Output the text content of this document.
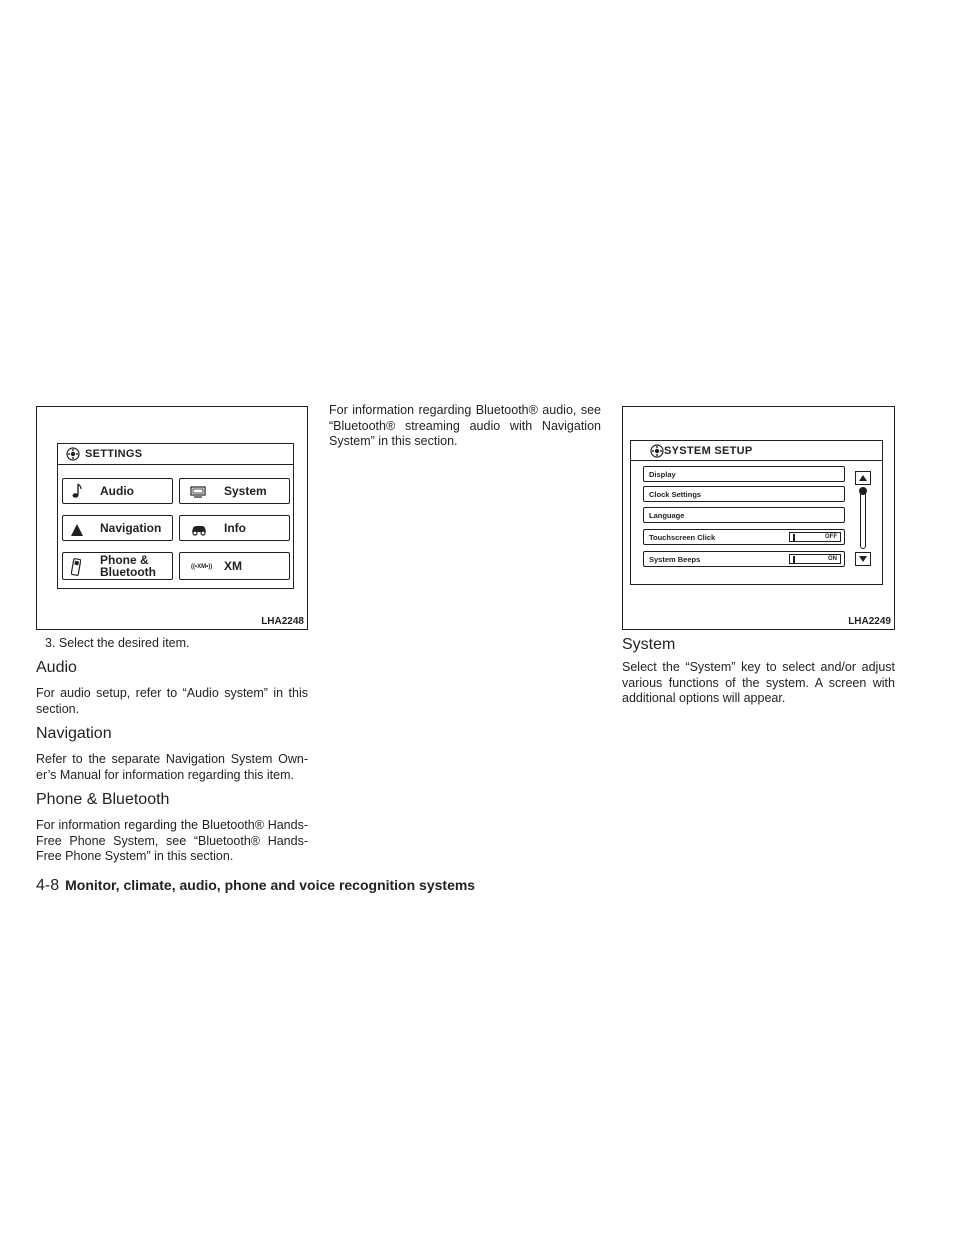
SETTINGS
Audio	System
Navigation	Info
Phone &
Bluetooth	((•XM•)) XM
LHA2248
3. Select the desired item.
Audio
For audio setup, refer to “Audio system” in this section.
Navigation
Refer to the separate Navigation System Own-er’s Manual for information regarding this item.
Phone & Bluetooth
For information regarding the Bluetooth® Hands-Free Phone System, see “Bluetooth® Hands-Free Phone System” in this section.
For information regarding Bluetooth® audio, see “Bluetooth® streaming audio with Navigation System” in this section.
SYSTEM SETUP
Display
Clock Settings
Language
Touchscreen Click	OFF
System Beeps	ON
LHA2249
System
Select the “System” key to select and/or adjust various functions of the system. A screen with additional options will appear.
4-8 Monitor, climate, audio, phone and voice recognition systems
